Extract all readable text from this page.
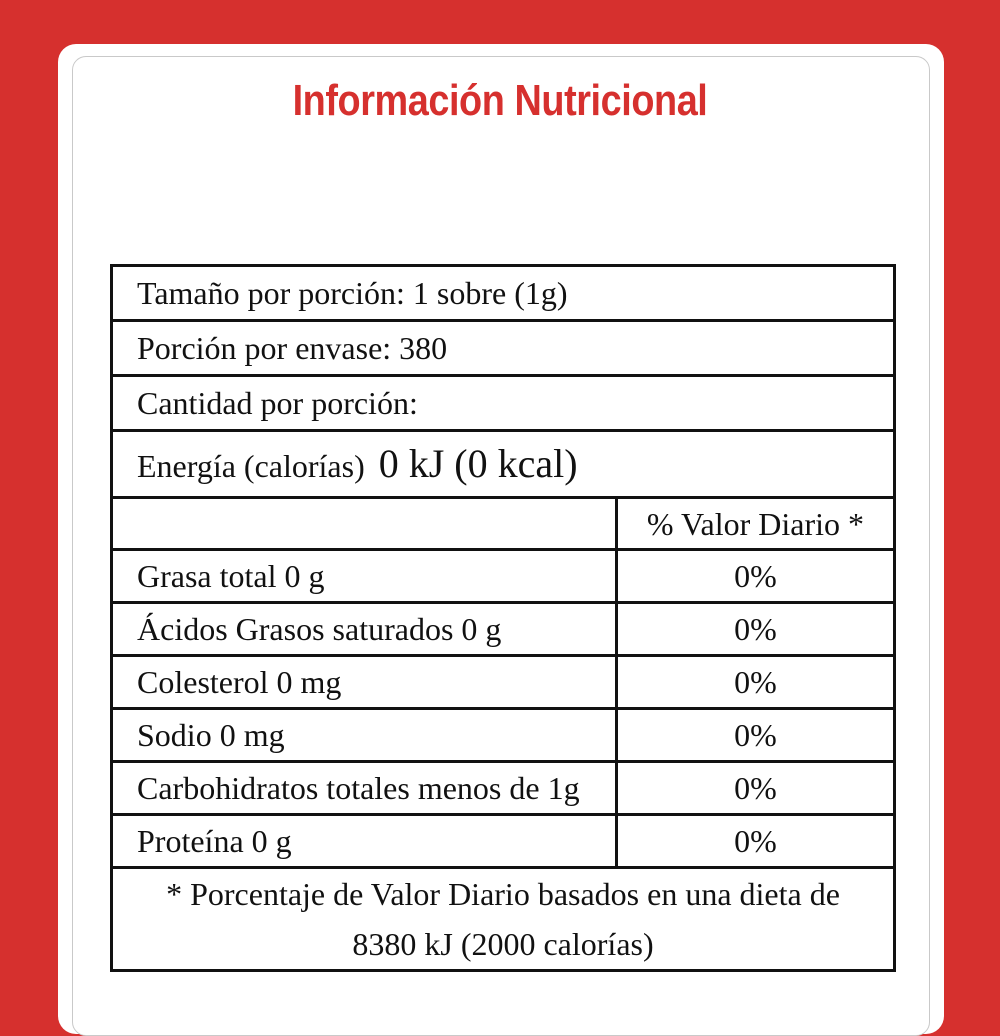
Información Nutricional
Tamaño por porción: 1 sobre (1g)	
Porción por envase: 380	
Cantidad por porción:	
Energía (calorías) 0 kJ (0 kcal)	
	% Valor Diario *
Grasa total 0 g	0%
Ácidos Grasos saturados 0 g	0%
Colesterol 0 mg	0%
Sodio 0 mg	0%
Carbohidratos totales menos de 1g	0%
Proteína 0 g	0%

* Porcentaje de Valor Diario basados en una dieta de
8380 kJ (2000 calorías)	
